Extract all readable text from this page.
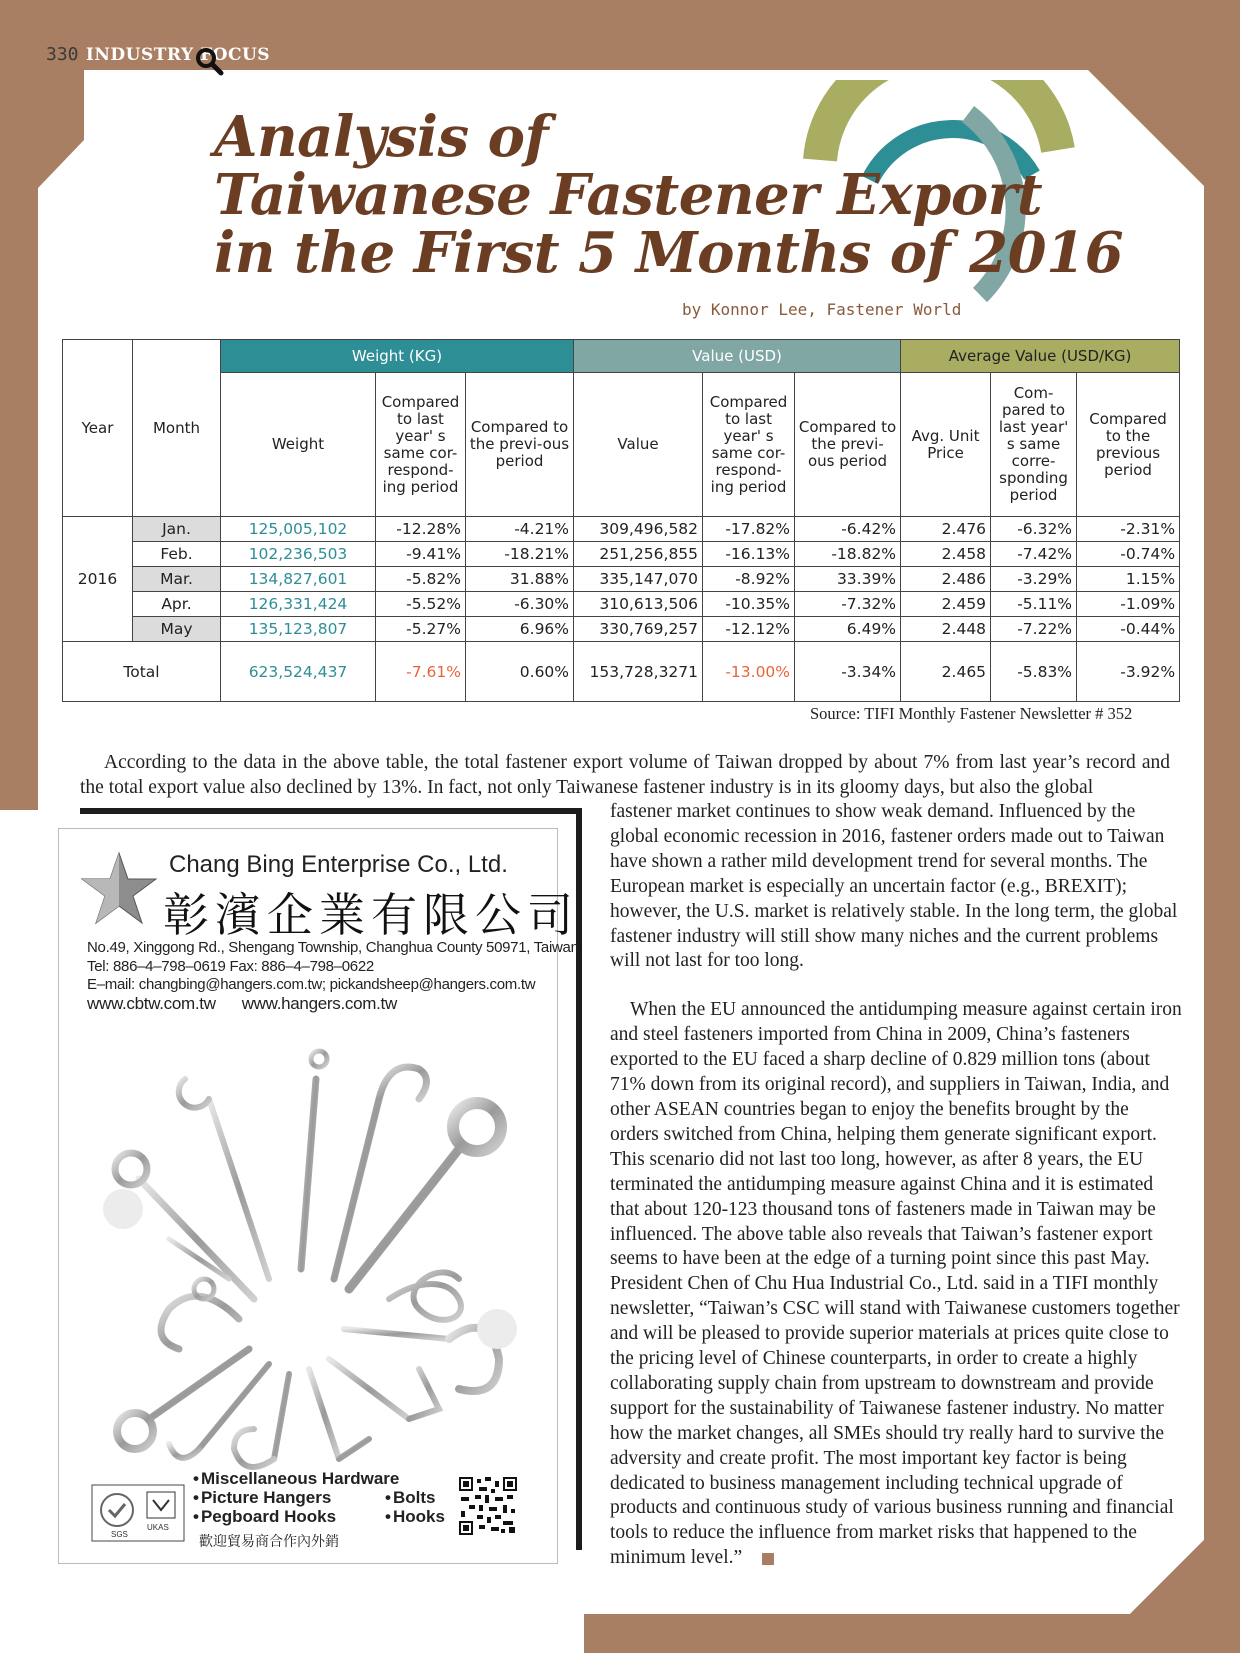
330 INDUSTRY FOCUS
Analysis of
Taiwanese Fastener Export
in the First 5 Months of 2016
by Konnor Lee, Fastener World
Year	Month	Weight (KG)			Value (USD)			Average Value (USD/KG)		
		Weight	Compared to last year' s same cor-respond-ing period	Compared to the previ-ous period	Value	Compared to last year' s same cor-respond-ing period	Compared to the previ-ous period	Avg. Unit Price	Com-pared to last year' s same corre-sponding period	Compared to the previous period
2016	Jan.	125,005,102	-12.28%	-4.21%	309,496,582	-17.82%	-6.42%	2.476	-6.32%	-2.31%
	Feb.	102,236,503	-9.41%	-18.21%	251,256,855	-16.13%	-18.82%	2.458	-7.42%	-0.74%
	Mar.	134,827,601	-5.82%	31.88%	335,147,070	-8.92%	33.39%	2.486	-3.29%	1.15%
	Apr.	126,331,424	-5.52%	-6.30%	310,613,506	-10.35%	-7.32%	2.459	-5.11%	-1.09%
	May	135,123,807	-5.27%	6.96%	330,769,257	-12.12%	6.49%	2.448	-7.22%	-0.44%
Total		623,524,437	-7.61%	0.60%	153,728,3271	-13.00%	-3.34%	2.465	-5.83%	-3.92%
Source: TIFI Monthly Fastener Newsletter # 352

According to the data in the above table, the total fastener export volume of Taiwan dropped by about 7% from last year’s record and the total export value also declined by 13%. In fact, not only Taiwanese fastener industry is in its gloomy days, but also the global

fastener market continues to show weak demand. Influenced by the global economic recession in 2016, fastener orders made out to Taiwan have shown a rather mild development trend for several months. The European market is especially an uncertain factor (e.g., BREXIT); however, the U.S. market is relatively stable. In the long term, the global fastener industry will still show many niches and the current problems will not last for too long.

When the EU announced the antidumping measure against certain iron and steel fasteners imported from China in 2009, China’s fasteners exported to the EU faced a sharp decline of 0.829 million tons (about 71% down from its original record), and suppliers in Taiwan, India, and other ASEAN countries began to enjoy the benefits brought by the orders switched from China, helping them generate significant export. This scenario did not last too long, however, as after 8 years, the EU terminated the antidumping measure against China and it is estimated that about 120-123 thousand tons of fasteners made in Taiwan may be influenced. The above table also reveals that Taiwan’s fastener export seems to have been at the edge of a turning point since this past May. President Chen of Chu Hua Industrial Co., Ltd. said in a TIFI monthly newsletter, “Taiwan’s CSC will stand with Taiwanese customers together and will be pleased to provide superior materials at prices quite close to the pricing level of Chinese counterparts, in order to create a highly collaborating supply chain from upstream to downstream and provide support for the sustainability of Taiwanese fastener industry. No matter how the market changes, all SMEs should try really hard to survive the adversity and create profit. The most important key factor is being dedicated to business management including technical upgrade of products and continuous study of various business running and financial tools to reduce the influence from market risks that happened to the minimum level.”

Chang Bing Enterprise Co., Ltd.
彰濱企業有限公司
No.49, Xinggong Rd., Shengang Township, Changhua County 50971, Taiwan
Tel: 886–4–798–0619 Fax: 886–4–798–0622
E–mail: changbing@hangers.com.tw; pickandsheep@hangers.com.tw
www.cbtw.com.tw www.hangers.com.tw
SGS
UKAS
• Miscellaneous Hardware
• Picture Hangers
• Pegboard Hooks
• Bolts
• Hooks
歡迎貿易商合作內外銷
